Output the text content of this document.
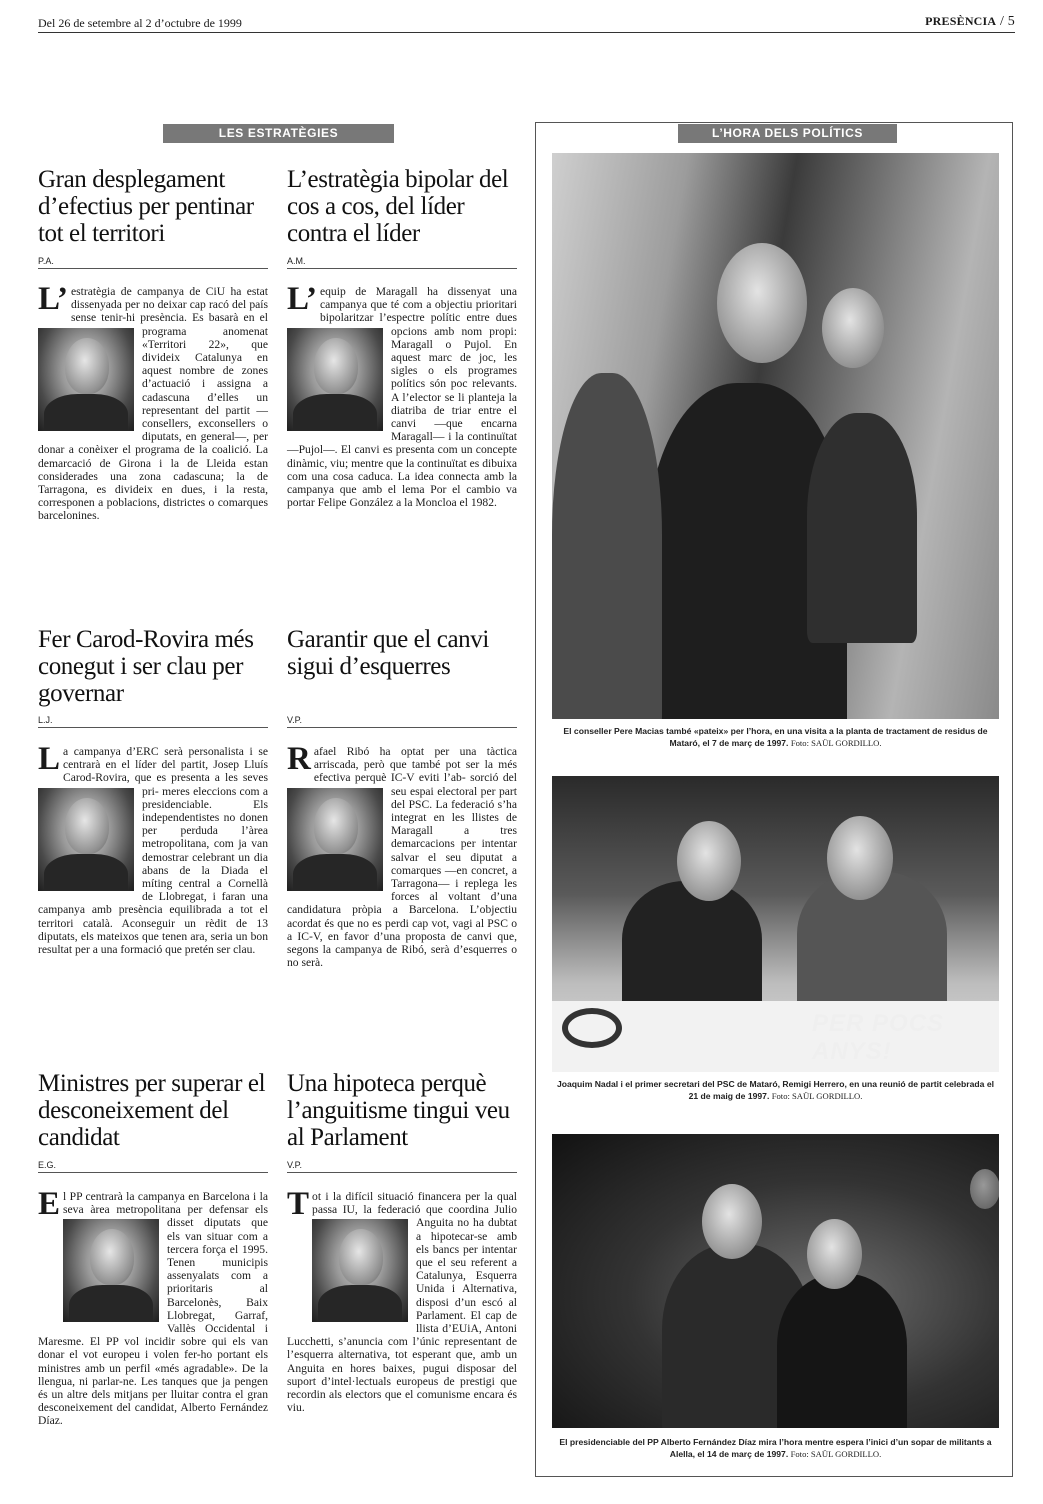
Del 26 de setembre al 2 d’octubre de 1999	PRESÈNCIA / 5
LES ESTRATÈGIES
Gran desplegament d’efectius per pentinar tot el territori
P.A.
L’ estratègia de campanya de CiU ha estat dissenyada per no deixar cap racó del país sense tenir-hi presència. Es basarà en el programa anomenat «Territori 22», que divideix Catalunya en aquest nombre de zones d’actuació i assigna a cadascuna d’elles un representant del partit —consellers, exconsellers o diputats, en general—, per donar a conèixer el programa de la coalició. La demarcació de Girona i la de Lleida estan considerades una zona cadascuna; la de Tarragona, es divideix en dues, i la resta, corresponen a poblacions, districtes o comarques barcelonines.
L’estratègia bipolar del cos a cos, del líder contra el líder
A.M.
L’ equip de Maragall ha dissenyat una campanya que té com a objectiu prioritari bipolaritzar l’espectre polític entre dues opcions amb nom propi: Maragall o Pujol. En aquest marc de joc, les sigles o els programes polítics són poc relevants. A l’elector se li planteja la diatriba de triar entre el canvi —que encarna Maragall— i la continuïtat —Pujol—. El canvi es presenta com un concepte dinàmic, viu; mentre que la continuïtat es dibuixa com una cosa caduca. La idea connecta amb la campanya que amb el lema Por el cambio va portar Felipe González a la Moncloa el 1982.
Fer Carod-Rovira més conegut i ser clau per governar
L.J.
La campanya d’ERC serà personalista i se centrarà en el líder del partit, Josep Lluís Carod-Rovira, que es presenta a les seves pri- meres eleccions com a presidenciable. Els independentistes no donen per perduda l’àrea metropolitana, com ja van demostrar celebrant un dia abans de la Diada el míting central a Cornellà de Llobregat, i faran una campanya amb presència equilibrada a tot el territori català. Aconseguir un rèdit de 13 diputats, els mateixos que tenen ara, seria un bon resultat per a una formació que pretén ser clau.
Garantir que el canvi sigui d’esquerres
V.P.
Rafael Ribó ha optat per una tàctica arriscada, però que també pot ser la més efectiva perquè IC-V eviti l’ab- sorció del seu espai electoral per part del PSC. La federació s’ha integrat en les llistes de Maragall a tres demarcacions per intentar salvar el seu diputat a comarques —en concret, a Tarragona— i replega les forces al voltant d’una candidatura pròpia a Barcelona. L’objectiu acordat és que no es perdi cap vot, vagi al PSC o a IC-V, en favor d’una proposta de canvi que, segons la campanya de Ribó, serà d’esquerres o no serà.
Ministres per superar el desconeixement del candidat
E.G.
El PP centrarà la campanya en Barcelona i la seva àrea metropolitana per defensar els disset diputats que
els van situar com a tercera força el 1995. Tenen municipis assenyalats com a prioritaris al Barcelonès, Baix Llobregat, Garraf, Vallès Occidental i Maresme. El PP vol incidir sobre qui els van donar el vot europeu i volen fer-ho portant els ministres amb un perfil «més agradable». De la llengua, ni parlar-ne. Les tanques que ja pengen és un altre dels mitjans per lluitar contra el gran desconeixement del candidat, Alberto Fernández Díaz.
Una hipoteca perquè l’anguitisme tingui veu al Parlament
V.P.
Tot i la difícil situació financera per la qual passa IU, la federació que coordina Julio Anguita no ha dubtat
a hipotecar-se amb els bancs per intentar que el seu referent a Catalunya, Esquerra Unida i Alternativa, disposi d’un escó al Parlament. El cap de llista d’EUiA, Antoni Lucchetti, s’anuncia com l’únic representant de l’esquerra alternativa, tot esperant que, amb un Anguita en hores baixes, pugui disposar del suport d’intel·lectuals europeus de prestigi que recordin als electors que el comunisme encara és viu.
L’HORA DELS POLÍTICS
El conseller Pere Macias també «pateix» per l’hora, en una visita a la planta de tractament de residus de Mataró, el 7 de març de 1997. Foto: SAÜL GORDILLO.
PER POCS ANYS!
Joaquim Nadal i el primer secretari del PSC de Mataró, Remigi Herrero, en una reunió de partit celebrada el 21 de maig de 1997. Foto: SAÜL GORDILLO.
El presidenciable del PP Alberto Fernández Díaz mira l’hora mentre espera l’inici d’un sopar de militants a Alella, el 14 de març de 1997. Foto: SAÜL GORDILLO.
